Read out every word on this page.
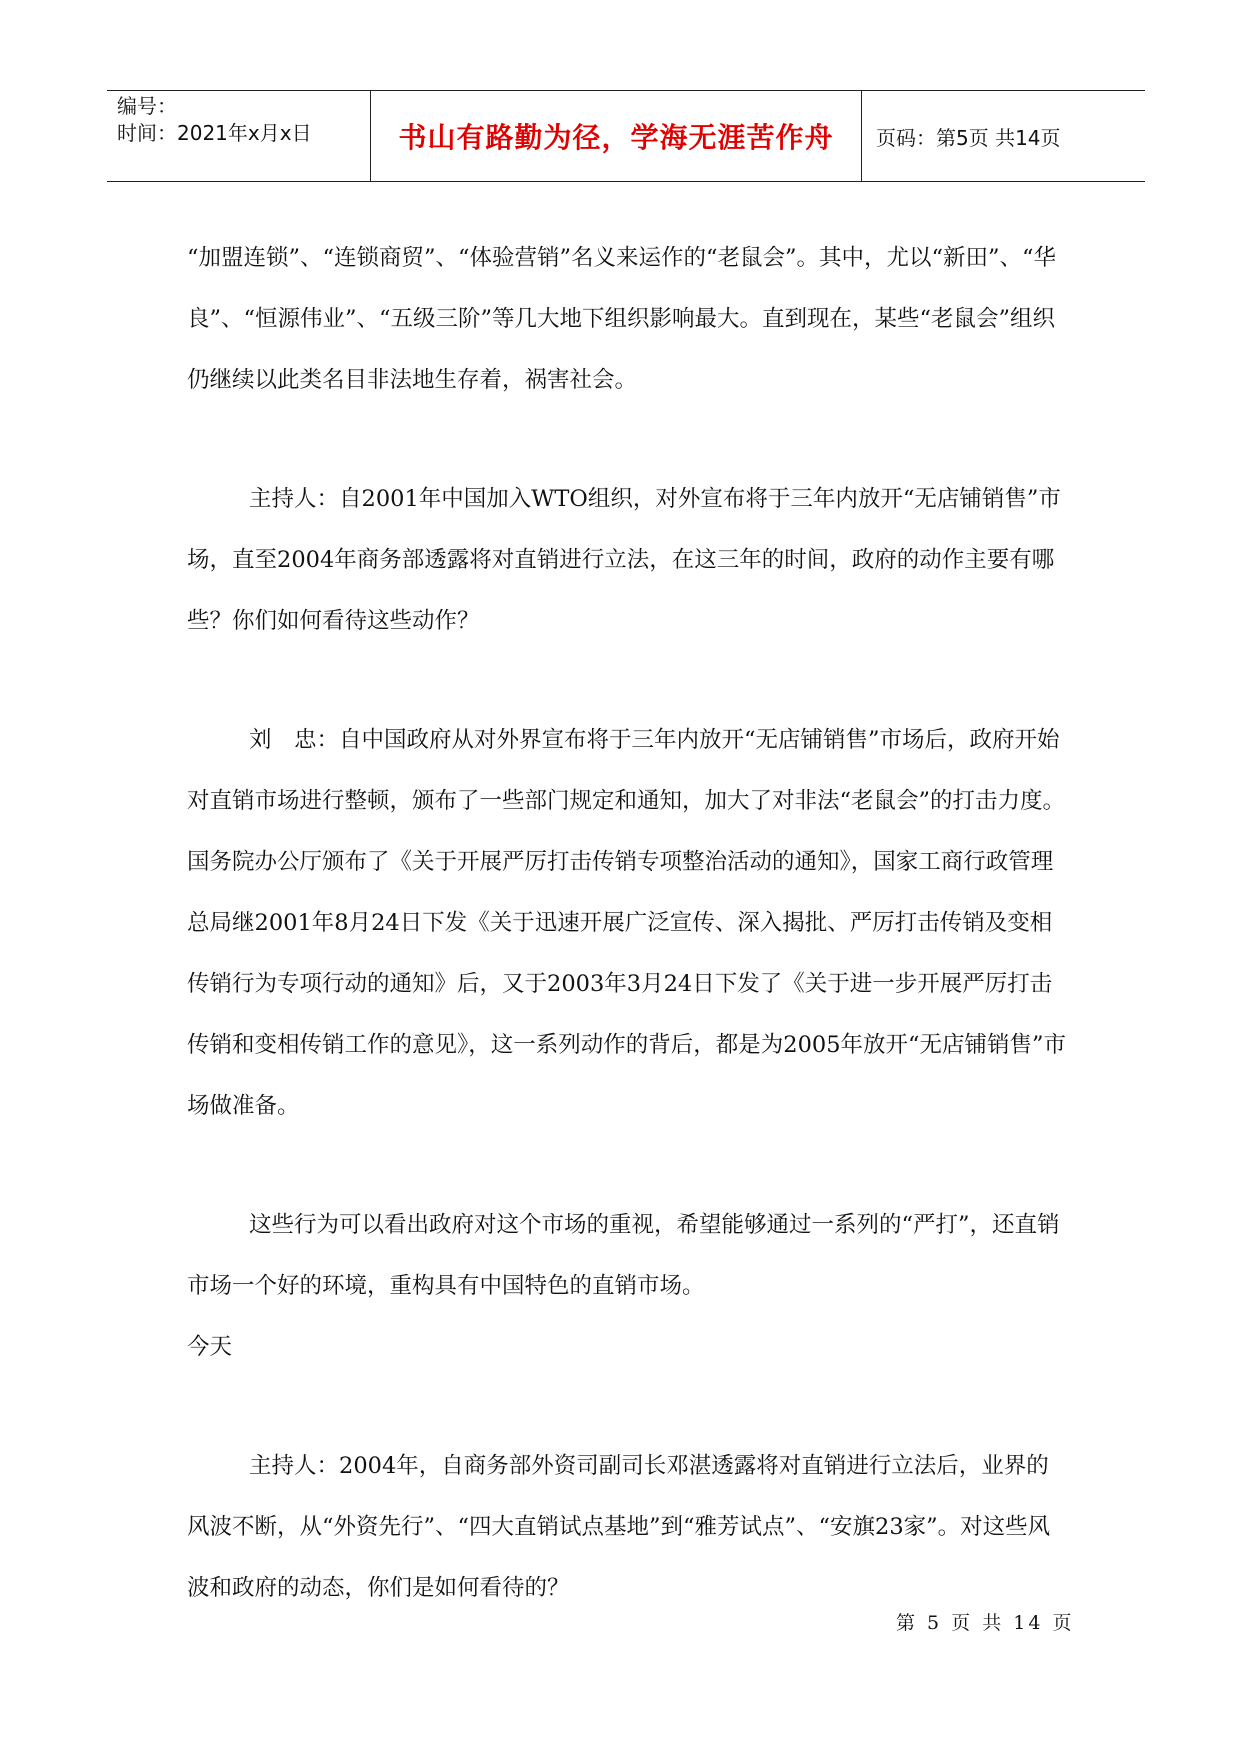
编号：
时间：2021年x月x日	书山有路勤为径，学海无涯苦作舟	页码：第5页 共14页

“加盟连锁”、“连锁商贸”、“体验营销”名义来运作的“老鼠会”。其中，尤以“新田”、“华良”、“恒源伟业”、“五级三阶”等几大地下组织影响最大。直到现在，某些“老鼠会”组织仍继续以此类名目非法地生存着，祸害社会。

主持人：自2001年中国加入WTO组织，对外宣布将于三年内放开“无店铺销售”市场，直至2004年商务部透露将对直销进行立法，在这三年的时间，政府的动作主要有哪些？你们如何看待这些动作？

刘　忠：自中国政府从对外界宣布将于三年内放开“无店铺销售”市场后，政府开始对直销市场进行整顿，颁布了一些部门规定和通知，加大了对非法“老鼠会”的打击力度。国务院办公厅颁布了《关于开展严厉打击传销专项整治活动的通知》，国家工商行政管理总局继2001年8月24日下发《关于迅速开展广泛宣传、深入揭批、严厉打击传销及变相传销行为专项行动的通知》后，又于2003年3月24日下发了《关于进一步开展严厉打击传销和变相传销工作的意见》，这一系列动作的背后，都是为2005年放开“无店铺销售”市场做准备。

这些行为可以看出政府对这个市场的重视，希望能够通过一系列的“严打”，还直销市场一个好的环境，重构具有中国特色的直销市场。

今天

主持人：2004年，自商务部外资司副司长邓湛透露将对直销进行立法后，业界的风波不断，从“外资先行”、“四大直销试点基地”到“雅芳试点”、“安旗23家”。对这些风波和政府的动态，你们是如何看待的？

第 5 页 共 14 页
